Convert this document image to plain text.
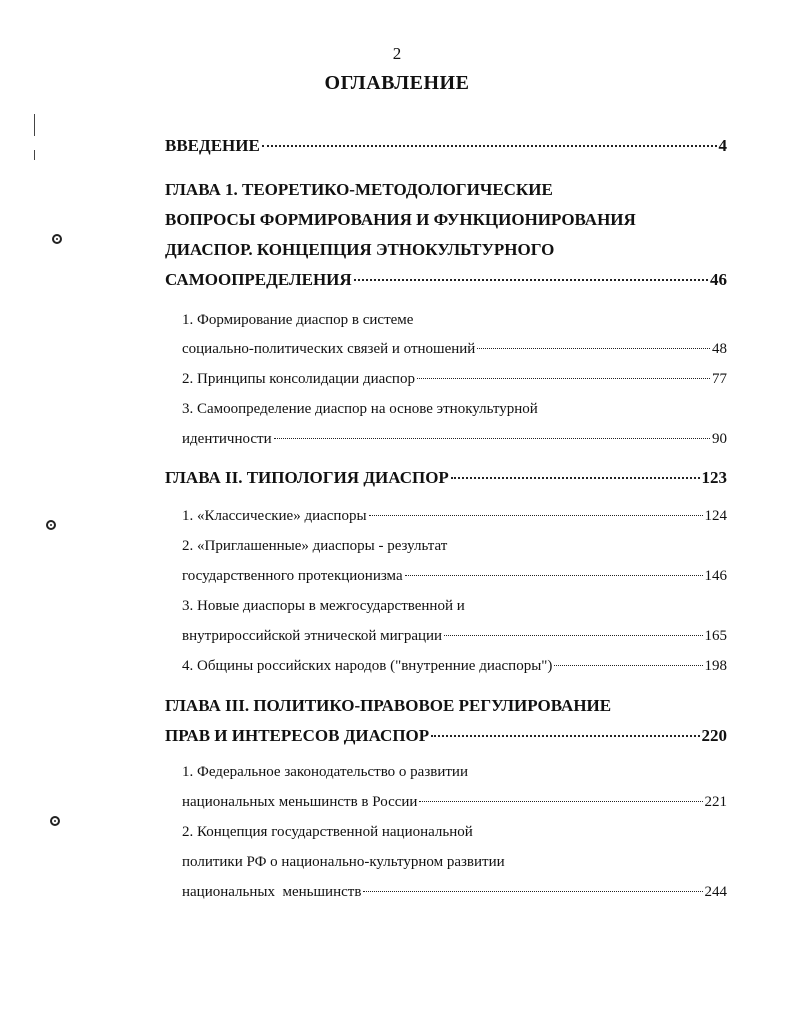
2
ОГЛАВЛЕНИЕ
ВВЕДЕНИЕ	4
ГЛАВА 1. ТЕОРЕТИКО-МЕТОДОЛОГИЧЕСКИЕ
ВОПРОСЫ ФОРМИРОВАНИЯ И ФУНКЦИОНИРОВАНИЯ
ДИАСПОР. КОНЦЕПЦИЯ ЭТНОКУЛЬТУРНОГО
САМООПРЕДЕЛЕНИЯ	46
1. Формирование диаспор в системе
социально-политических связей и отношений	48
2. Принципы консолидации диаспор	77
3. Самоопределение диаспор на основе этнокультурной
идентичности	90
ГЛАВА II. ТИПОЛОГИЯ ДИАСПОР	123
1. «Классические» диаспоры	124
2. «Приглашенные» диаспоры - результат
государственного протекционизма	146
3. Новые диаспоры в межгосударственной и
внутрироссийской этнической миграции	165
4. Общины российских народов ("внутренние диаспоры")	198
ГЛАВА III. ПОЛИТИКО-ПРАВОВОЕ РЕГУЛИРОВАНИЕ
ПРАВ И ИНТЕРЕСОВ ДИАСПОР	220
1. Федеральное законодательство о развитии
национальных меньшинств в России	221
2. Концепция государственной национальной
политики РФ о национально-культурном развитии
национальных  меньшинств	244
